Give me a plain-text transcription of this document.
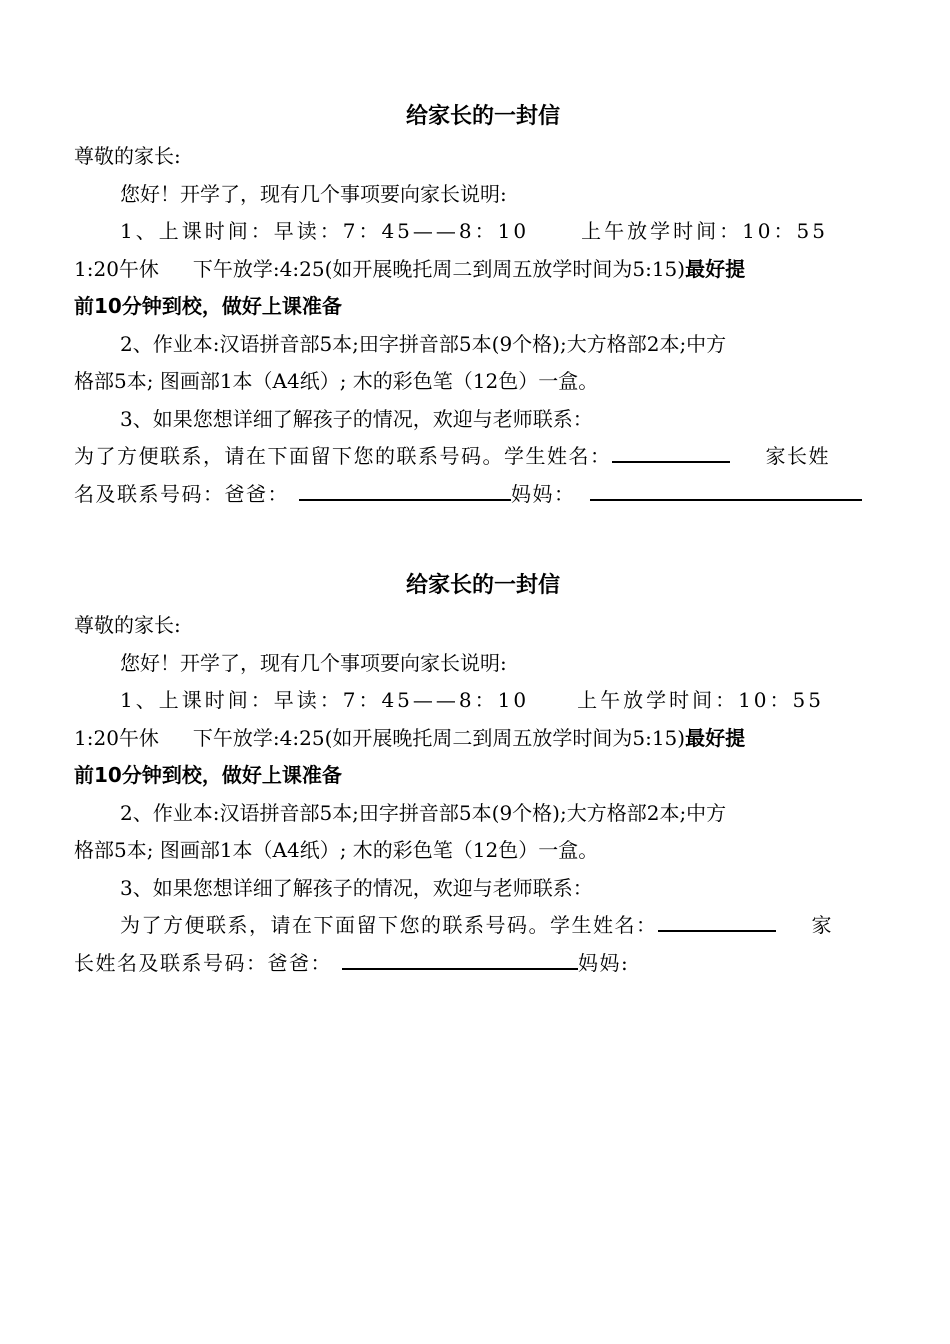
给家长的一封信

尊敬的家长:

您好！开学了，现有几个事项要向家长说明:

1、上课时间：早读：7：45——8：10	上午放学时间：10：55

1:20午休 下午放学:4:25(如开展晚托周二到周五放学时间为5:15)最好提

前10分钟到校，做好上课准备

2、作业本:汉语拼音部5本;田字拼音部5本(9个格);大方格部2本;中方

格部5本; 图画部1本（A4纸）; 木的彩色笔（12色）一盒。

3、如果您想详细了解孩子的情况，欢迎与老师联系：

为了方便联系，请在下面留下您的联系号码。学生姓名：	家长姓

名及联系号码：爸爸：	妈妈：

给家长的一封信

尊敬的家长:

您好！开学了，现有几个事项要向家长说明:

1、上课时间：早读：7：45——8：10 上午放学时间：10：55

1:20午休 下午放学:4:25(如开展晚托周二到周五放学时间为5:15)最好提

前10分钟到校，做好上课准备

2、作业本:汉语拼音部5本;田字拼音部5本(9个格);大方格部2本;中方

格部5本; 图画部1本（A4纸）; 木的彩色笔（12色）一盒。

3、如果您想详细了解孩子的情况，欢迎与老师联系：

为了方便联系，请在下面留下您的联系号码。学生姓名：	家

长姓名及联系号码：爸爸：	妈妈:
